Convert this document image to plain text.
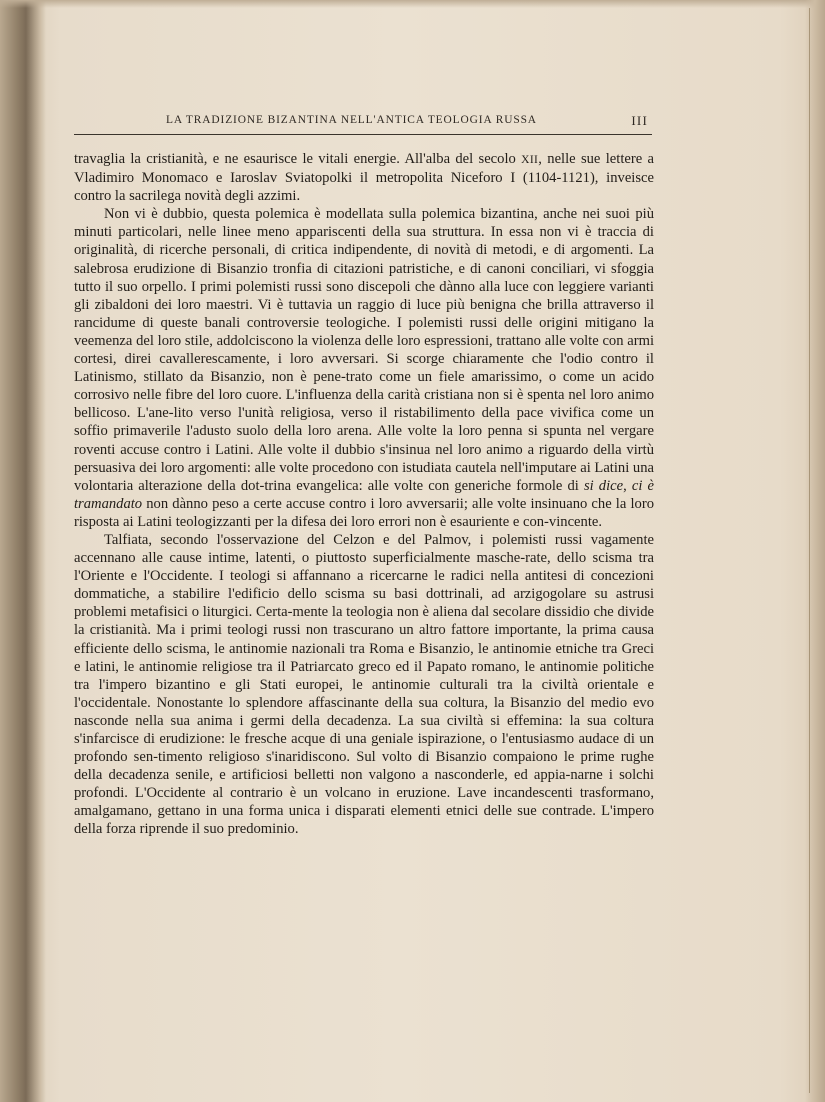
LA TRADIZIONE BIZANTINA NELL'ANTICA TEOLOGIA RUSSA	III

travaglia la cristianità, e ne esaurisce le vitali energie. All'alba del secolo XII, nelle sue lettere a Vladimiro Monomaco e Iaroslav Sviatopolki il metropolita Niceforo I (1104-1121), inveisce contro la sacrilega novità degli azzimi.

Non vi è dubbio, questa polemica è modellata sulla polemica bizantina, anche nei suoi più minuti particolari, nelle linee meno appariscenti della sua struttura. In essa non vi è traccia di originalità, di ricerche personali, di critica indipendente, di novità di metodi, e di argomenti. La salebrosa erudizione di Bisanzio tronfia di citazioni patristiche, e di canoni conciliari, vi sfoggia tutto il suo orpello. I primi polemisti russi sono discepoli che dànno alla luce con leggiere varianti gli zibaldoni dei loro maestri. Vi è tuttavia un raggio di luce più benigna che brilla attraverso il rancidume di queste banali controversie teologiche. I polemisti russi delle origini mitigano la veemenza del loro stile, addolciscono la violenza delle loro espressioni, trattano alle volte con armi cortesi, direi cavallerescamente, i loro avversari. Si scorge chiaramente che l'odio contro il Latinismo, stillato da Bisanzio, non è pene-trato come un fiele amarissimo, o come un acido corrosivo nelle fibre del loro cuore. L'influenza della carità cristiana non si è spenta nel loro animo bellicoso. L'ane-lito verso l'unità religiosa, verso il ristabilimento della pace vivifica come un soffio primaverile l'adusto suolo della loro arena. Alle volte la loro penna si spunta nel vergare roventi accuse contro i Latini. Alle volte il dubbio s'insinua nel loro animo a riguardo della virtù persuasiva dei loro argomenti: alle volte procedono con istudiata cautela nell'imputare ai Latini una volontaria alterazione della dot-trina evangelica: alle volte con generiche formole di si dice, ci è tramandato non dànno peso a certe accuse contro i loro avversarii; alle volte insinuano che la loro risposta ai Latini teologizzanti per la difesa dei loro errori non è esauriente e con-vincente.

Talfiata, secondo l'osservazione del Celzon e del Palmov, i polemisti russi vagamente accennano alle cause intime, latenti, o piuttosto superficialmente masche-rate, dello scisma tra l'Oriente e l'Occidente. I teologi si affannano a ricercarne le radici nella antitesi di concezioni dommatiche, a stabilire l'edificio dello scisma su basi dottrinali, ad arzigogolare su astrusi problemi metafisici o liturgici. Certa-mente la teologia non è aliena dal secolare dissidio che divide la cristianità. Ma i primi teologi russi non trascurano un altro fattore importante, la prima causa efficiente dello scisma, le antinomie nazionali tra Roma e Bisanzio, le antinomie etniche tra Greci e latini, le antinomie religiose tra il Patriarcato greco ed il Papato romano, le antinomie politiche tra l'impero bizantino e gli Stati europei, le antinomie culturali tra la civiltà orientale e l'occidentale. Nonostante lo splendore affascinante della sua coltura, la Bisanzio del medio evo nasconde nella sua anima i germi della decadenza. La sua civiltà si effemina: la sua coltura s'infarcisce di erudizione: le fresche acque di una geniale ispirazione, o l'entusiasmo audace di un profondo sen-timento religioso s'inaridiscono. Sul volto di Bisanzio compaiono le prime rughe della decadenza senile, e artificiosi belletti non valgono a nasconderle, ed appia-narne i solchi profondi. L'Occidente al contrario è un volcano in eruzione. Lave incandescenti trasformano, amalgamano, gettano in una forma unica i disparati elementi etnici delle sue contrade. L'impero della forza riprende il suo predominio.
